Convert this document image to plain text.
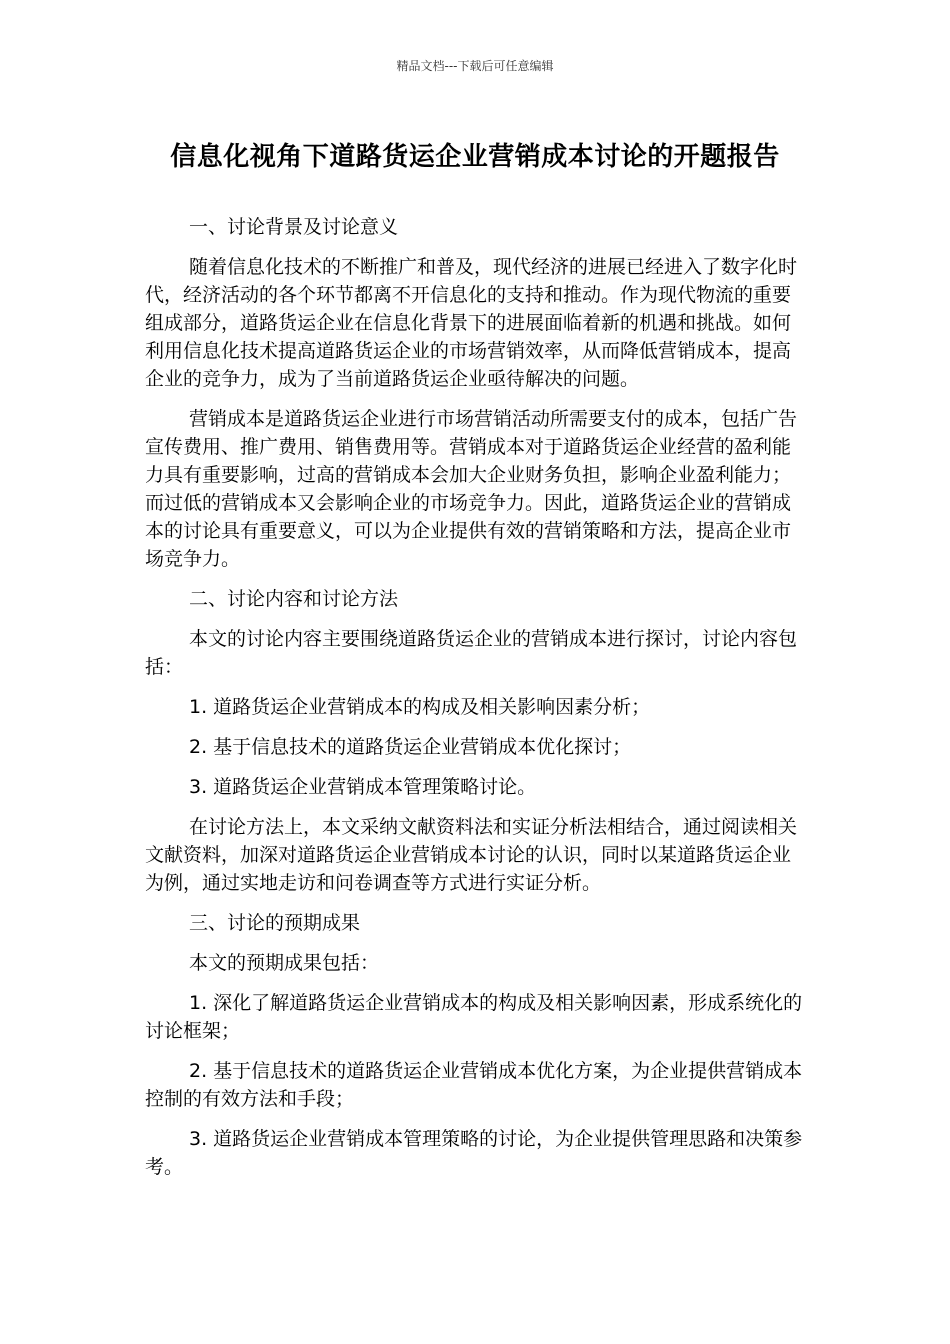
精品文档---下载后可任意编辑
信息化视角下道路货运企业营销成本讨论的开题报告

一、讨论背景及讨论意义

随着信息化技术的不断推广和普及，现代经济的进展已经进入了数字化时代，经济活动的各个环节都离不开信息化的支持和推动。作为现代物流的重要组成部分，道路货运企业在信息化背景下的进展面临着新的机遇和挑战。如何利用信息化技术提高道路货运企业的市场营销效率，从而降低营销成本，提高企业的竞争力，成为了当前道路货运企业亟待解决的问题。

营销成本是道路货运企业进行市场营销活动所需要支付的成本，包括广告宣传费用、推广费用、销售费用等。营销成本对于道路货运企业经营的盈利能力具有重要影响，过高的营销成本会加大企业财务负担，影响企业盈利能力；而过低的营销成本又会影响企业的市场竞争力。因此，道路货运企业的营销成本的讨论具有重要意义，可以为企业提供有效的营销策略和方法，提高企业市场竞争力。

二、讨论内容和讨论方法

本文的讨论内容主要围绕道路货运企业的营销成本进行探讨，讨论内容包括：

1. 道路货运企业营销成本的构成及相关影响因素分析；

2. 基于信息技术的道路货运企业营销成本优化探讨；

3. 道路货运企业营销成本管理策略讨论。

在讨论方法上，本文采纳文献资料法和实证分析法相结合，通过阅读相关文献资料，加深对道路货运企业营销成本讨论的认识，同时以某道路货运企业为例，通过实地走访和问卷调查等方式进行实证分析。

三、讨论的预期成果

本文的预期成果包括：

1. 深化了解道路货运企业营销成本的构成及相关影响因素，形成系统化的讨论框架；

2. 基于信息技术的道路货运企业营销成本优化方案，为企业提供营销成本控制的有效方法和手段；

3. 道路货运企业营销成本管理策略的讨论，为企业提供管理思路和决策参考。
